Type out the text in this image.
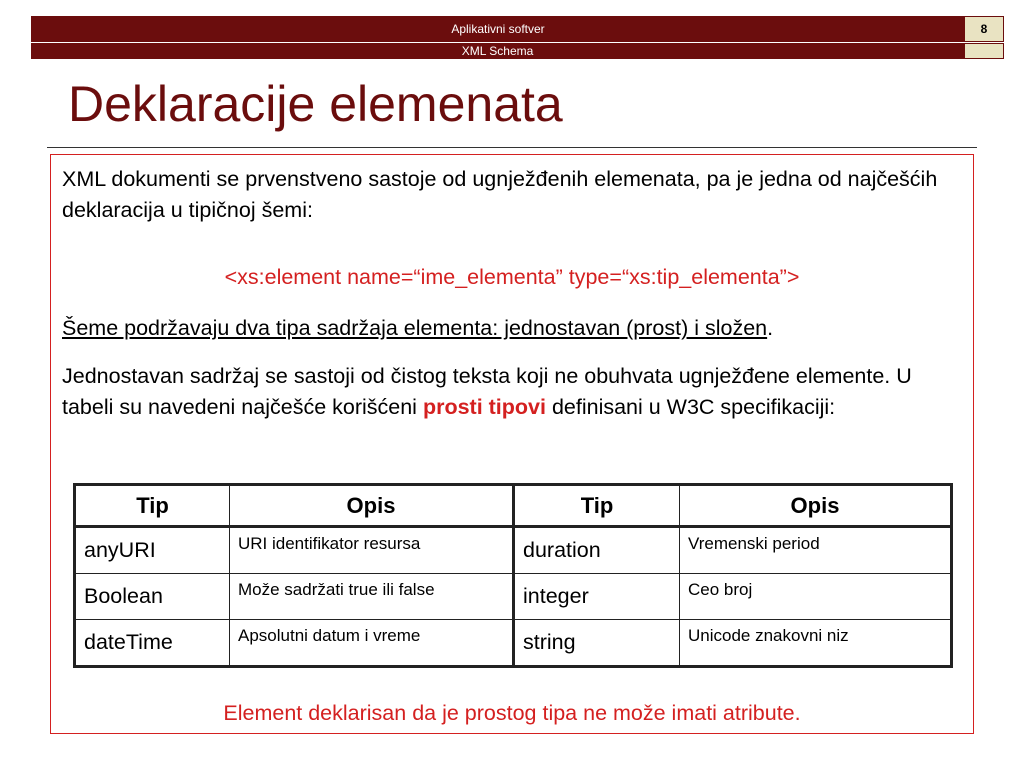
Aplikativni softver	8
XML Schema
Deklaracije elemenata

XML dokumenti se prvenstveno sastoje od ugnježđenih elemenata, pa je jedna od najčešćih deklaracija u tipičnoj šemi:

<xs:element name=“ime_elementa” type=“xs:tip_elementa”>

Šeme podržavaju dva tipa sadržaja elementa: jednostavan (prost) i složen.

Jednostavan sadržaj se sastoji od čistog teksta koji ne obuhvata ugnježđene elemente. U tabeli su navedeni najčešće korišćeni prosti tipovi definisani u W3C specifikaciji:

Tip	Opis	Tip	Opis
anyURI	URI identifikator resursa	duration	Vremenski period
Boolean	Može sadržati true ili false	integer	Ceo broj
dateTime	Apsolutni datum i vreme	string	Unicode znakovni niz

Element deklarisan da je prostog tipa ne može imati atribute.
